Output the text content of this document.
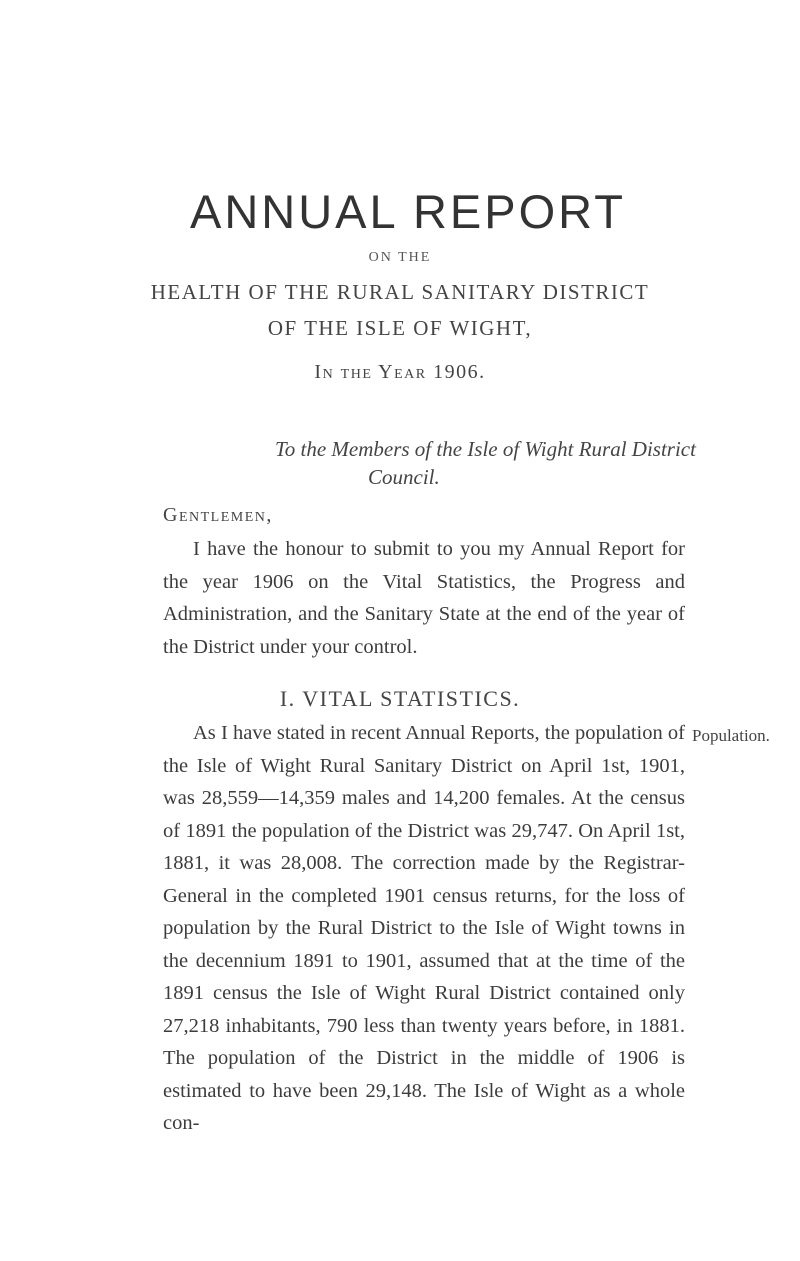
ANNUAL REPORT
ON THE
HEALTH OF THE RURAL SANITARY DISTRICT
OF THE ISLE OF WIGHT,
In the Year 1906.
To the Members of the Isle of Wight Rural District
Council.
Gentlemen,
I have the honour to submit to you my Annual Report for the year 1906 on the Vital Statistics, the Progress and Administration, and the Sanitary State at the end of the year of the District under your control.
I. VITAL STATISTICS.
As I have stated in recent Annual Reports, the population of the Isle of Wight Rural Sanitary District on April 1st, 1901, was 28,559—14,359 males and 14,200 females. At the census of 1891 the population of the District was 29,747. On April 1st, 1881, it was 28,008. The correction made by the Registrar-General in the completed 1901 census returns, for the loss of population by the Rural District to the Isle of Wight towns in the decennium 1891 to 1901, assumed that at the time of the 1891 census the Isle of Wight Rural District contained only 27,218 inhabitants, 790 less than twenty years before, in 1881. The population of the District in the middle of 1906 is estimated to have been 29,148. The Isle of Wight as a whole con-
Population.
